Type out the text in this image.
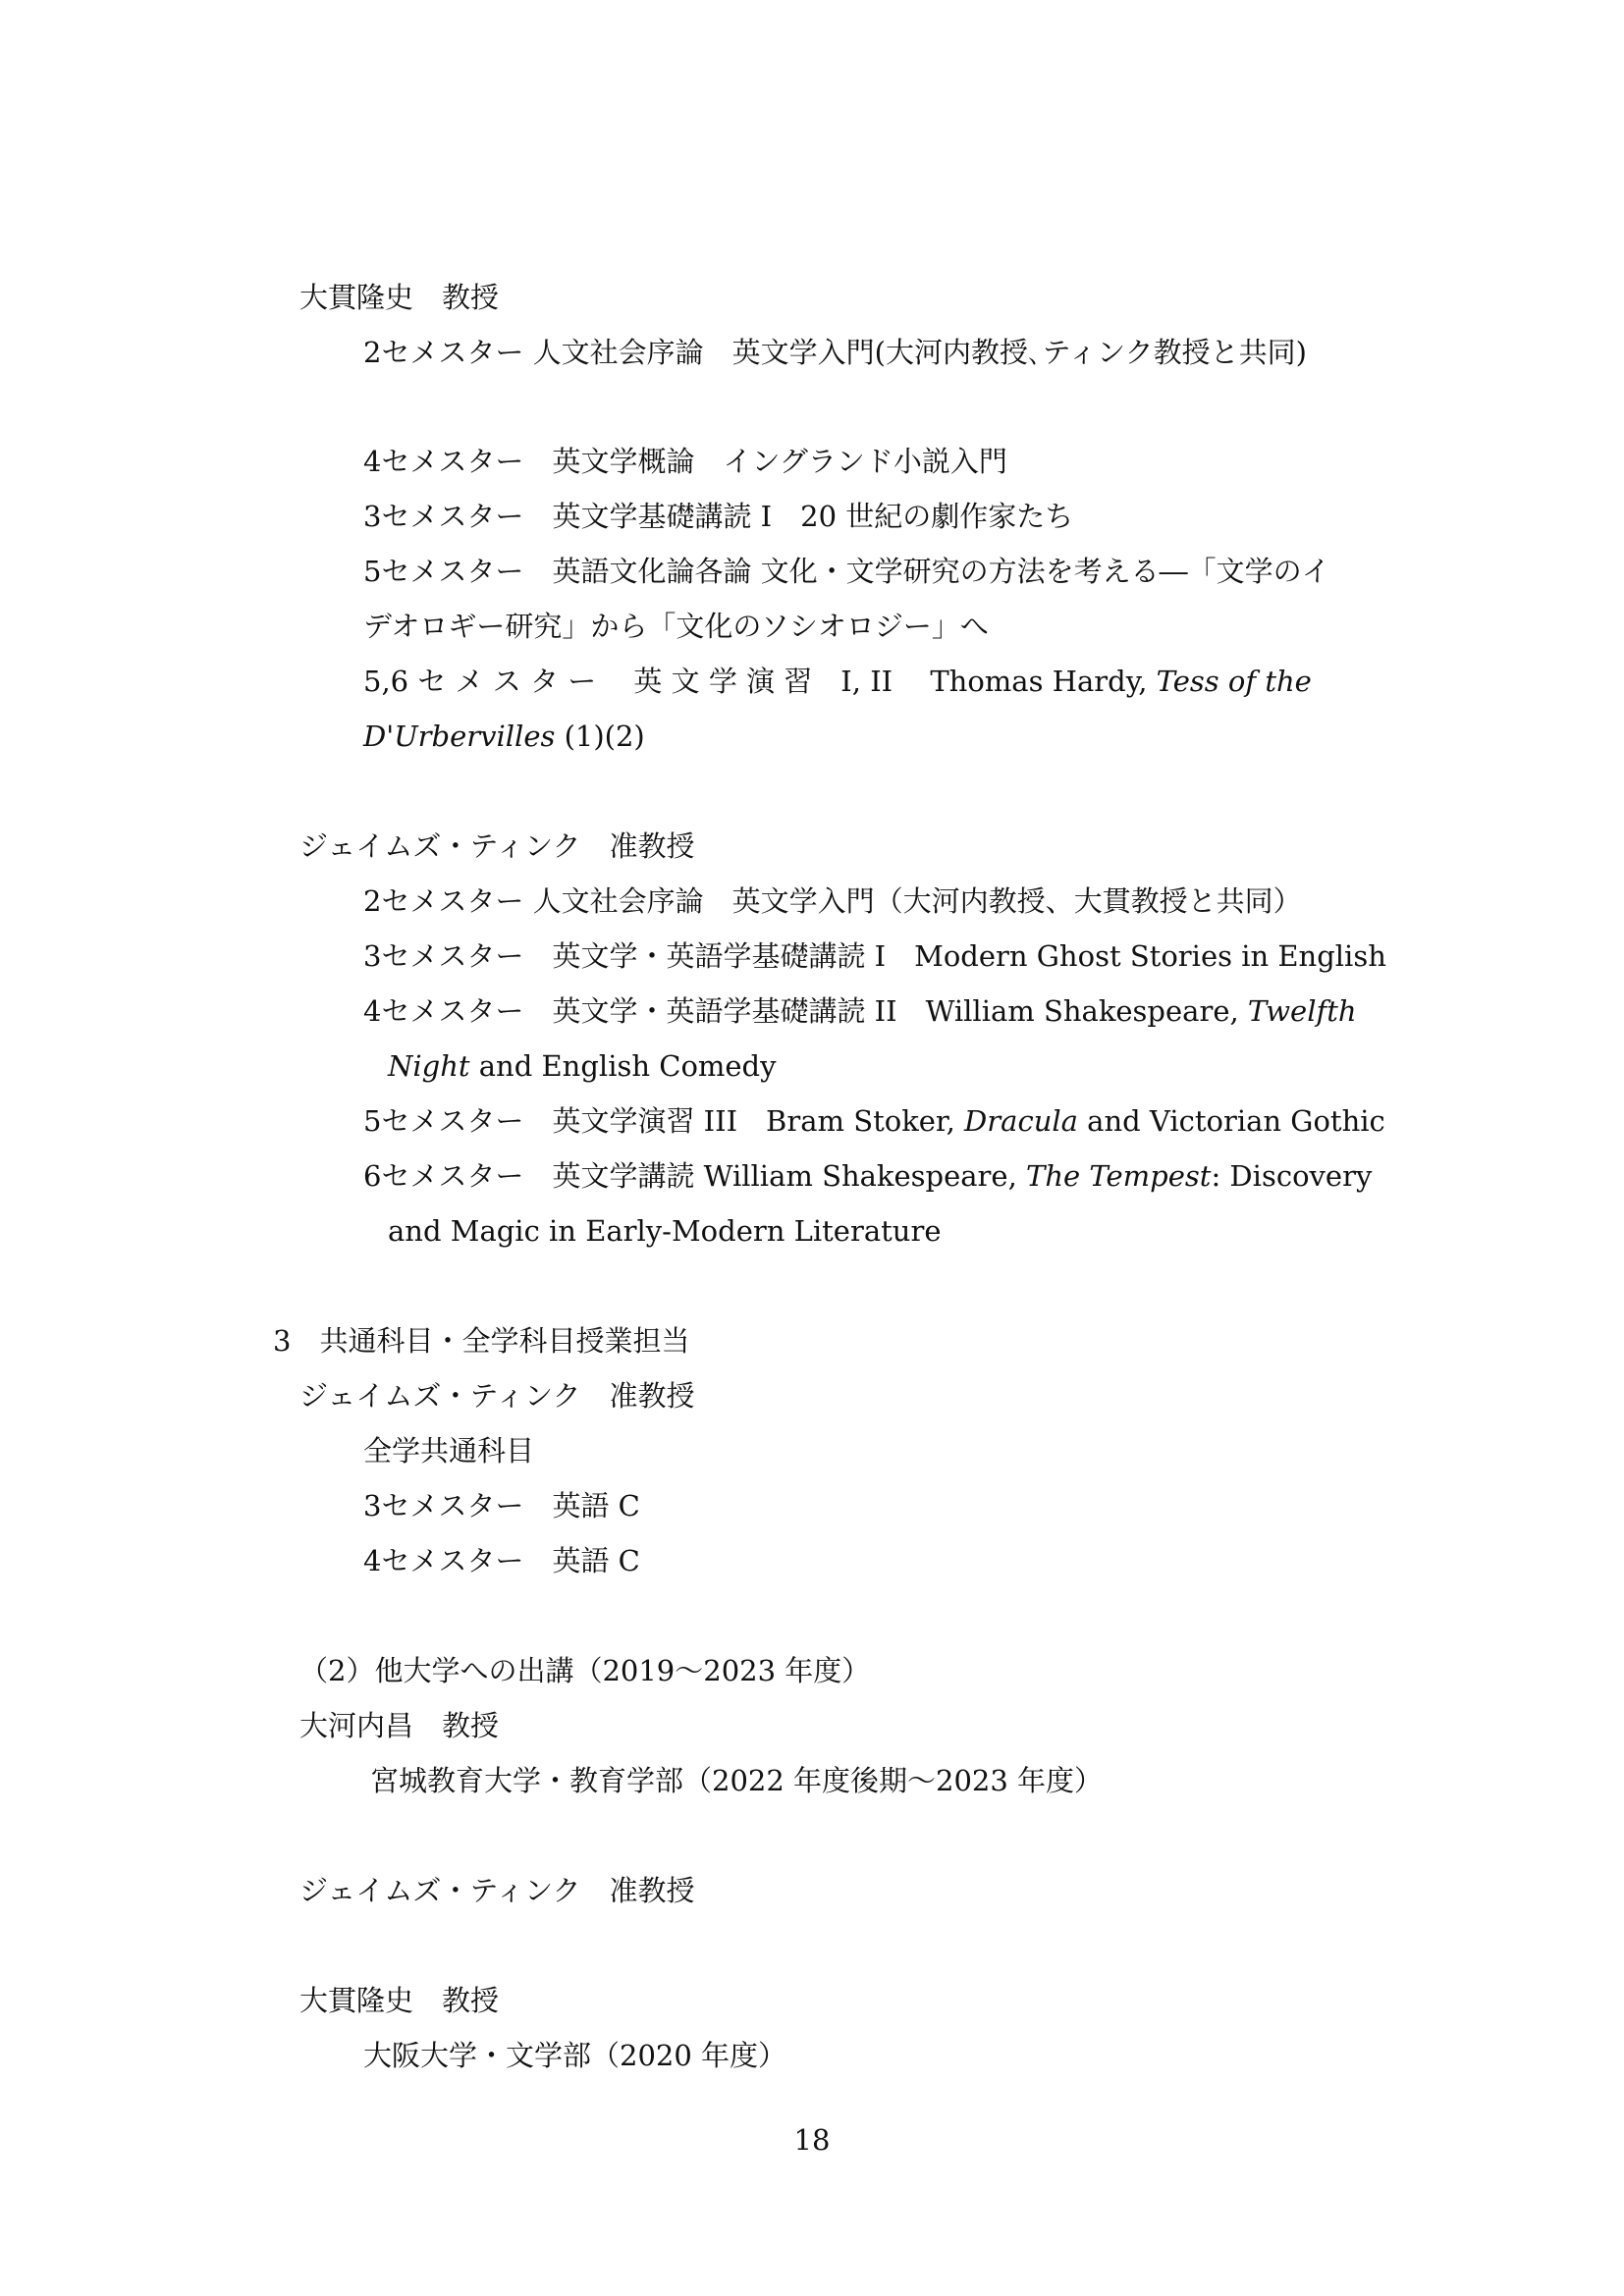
大貫隆史　教授
2セメスター 人文社会序論　英文学入門(大河内教授､ティンク教授と共同)
4セメスター　英文学概論　イングランド小説入門
3セメスター　英文学基礎講読 I　20 世紀の劇作家たち
5セメスター　英語文化論各論 文化・文学研究の方法を考える―「文学のイ
デオロギー研究」から「文化のソシオロジー」へ
5,6 セ メ ス タ ー　 英 文 学 演 習　I, II　 Thomas Hardy, Tess of the
D'Urbervilles (1)(2)
ジェイムズ・ティンク　准教授
2セメスター 人文社会序論　英文学入門（大河内教授、大貫教授と共同）
3セメスター　英文学・英語学基礎講読 I　Modern Ghost Stories in English
4セメスター　英文学・英語学基礎講読 II　William Shakespeare, Twelfth
Night and English Comedy
5セメスター　英文学演習 III　Bram Stoker, Dracula and Victorian Gothic
6セメスター　英文学講読 William Shakespeare, The Tempest: Discovery
and Magic in Early-Modern Literature
3　共通科目・全学科目授業担当
ジェイムズ・ティンク　准教授
全学共通科目
3セメスター　英語 C
4セメスター　英語 C
（2）他大学への出講（2019～2023 年度）
大河内昌　教授
宮城教育大学・教育学部（2022 年度後期～2023 年度）
ジェイムズ・ティンク　准教授
大貫隆史　教授
大阪大学・文学部（2020 年度）
18
